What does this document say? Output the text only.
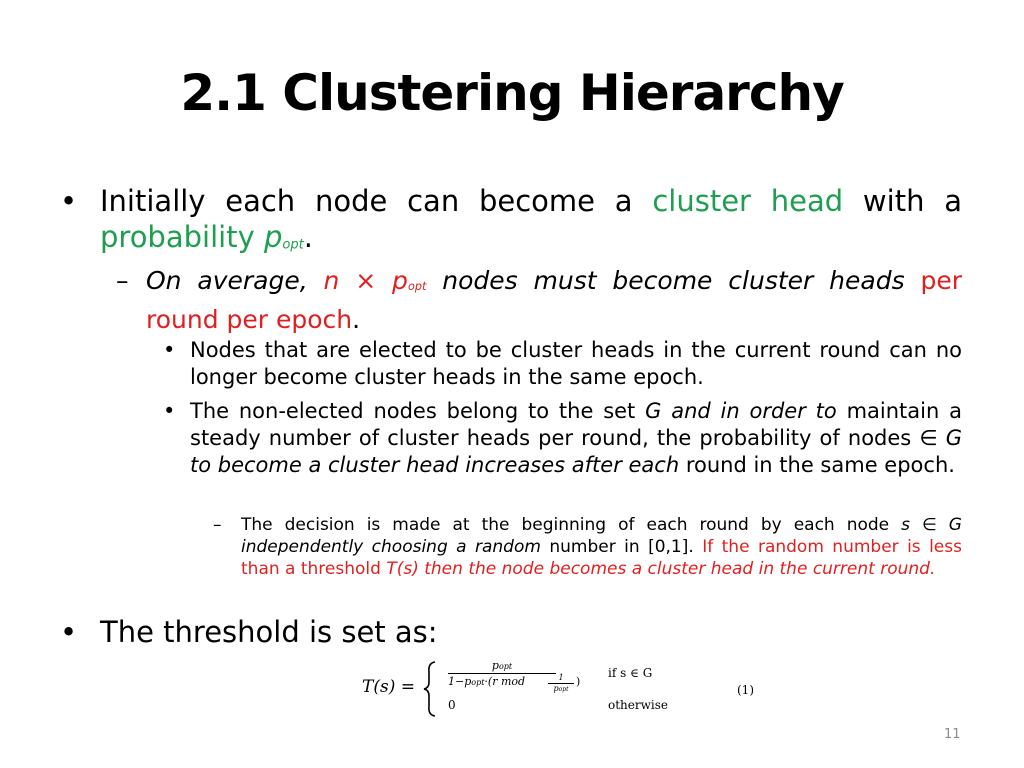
2.1 Clustering Hierarchy
• Initially each node can become a cluster head with a probability popt.
– On average, n × popt nodes must become cluster heads per round per epoch.
• Nodes that are elected to be cluster heads in the current round can no longer become cluster heads in the same epoch.
• The non-elected nodes belong to the set G and in order to maintain a steady number of cluster heads per round, the probability of nodes ∈ G to become a cluster head increases after each round in the same epoch.
– The decision is made at the beginning of each round by each node s ∈ G independently choosing a random number in [0,1]. If the random number is less than a threshold T(s) then the node becomes a cluster head in the current round.
• The threshold is set as:
T(s) =
popt
1−popt·(r mod	1
popt
)
if s ∈ G
0	otherwise
(1)
11
